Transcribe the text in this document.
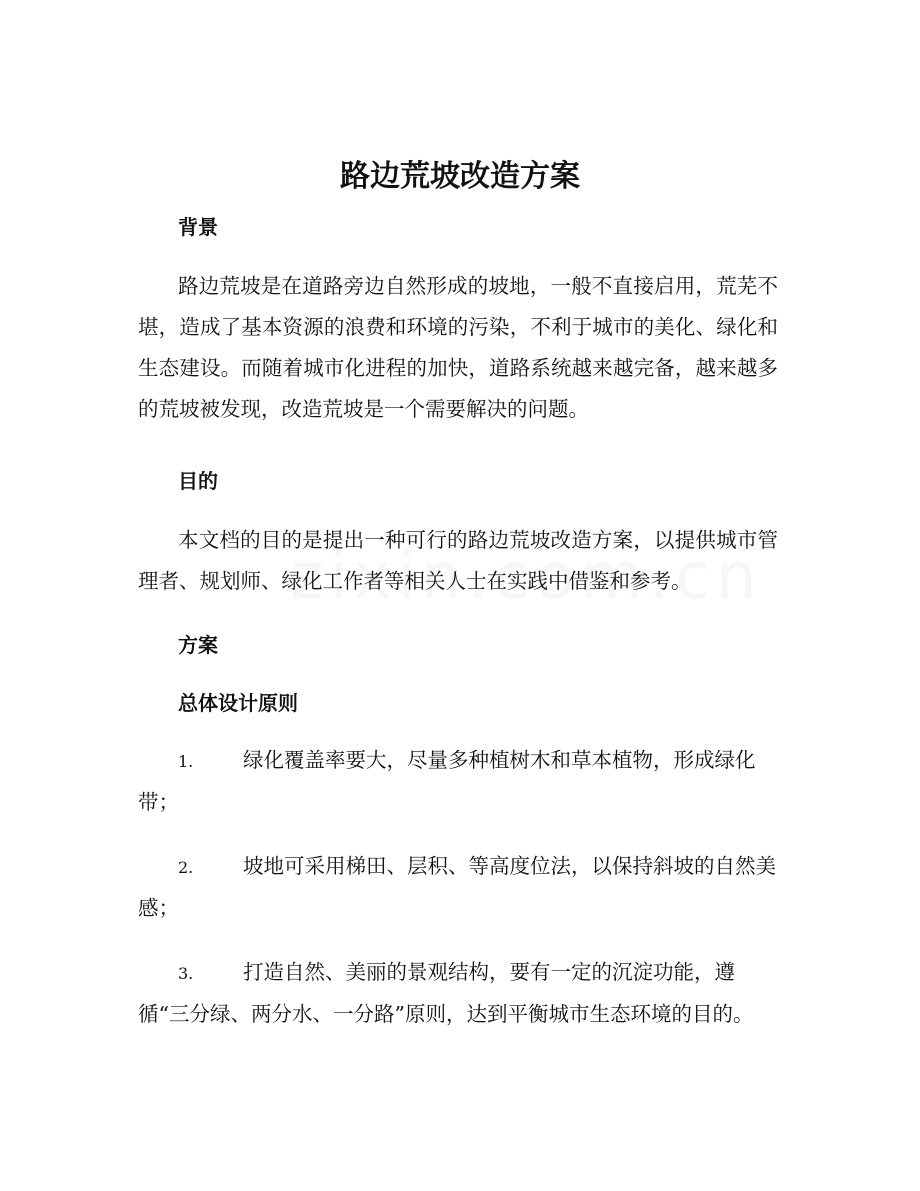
路边荒坡改造方案
背景

路边荒坡是在道路旁边自然形成的坡地，一般不直接启用，荒芜不堪，造成了基本资源的浪费和环境的污染，不利于城市的美化、绿化和生态建设。而随着城市化进程的加快，道路系统越来越完备，越来越多的荒坡被发现，改造荒坡是一个需要解决的问题。

目的

本文档的目的是提出一种可行的路边荒坡改造方案，以提供城市管理者、规划师、绿化工作者等相关人士在实践中借鉴和参考。

方案
总体设计原则

1. 绿化覆盖率要大，尽量多种植树木和草本植物，形成绿化带；

2. 坡地可采用梯田、层积、等高度位法，以保持斜坡的自然美感；

3. 打造自然、美丽的景观结构，要有一定的沉淀功能，遵循“三分绿、两分水、一分路”原则，达到平衡城市生态环境的目的。
